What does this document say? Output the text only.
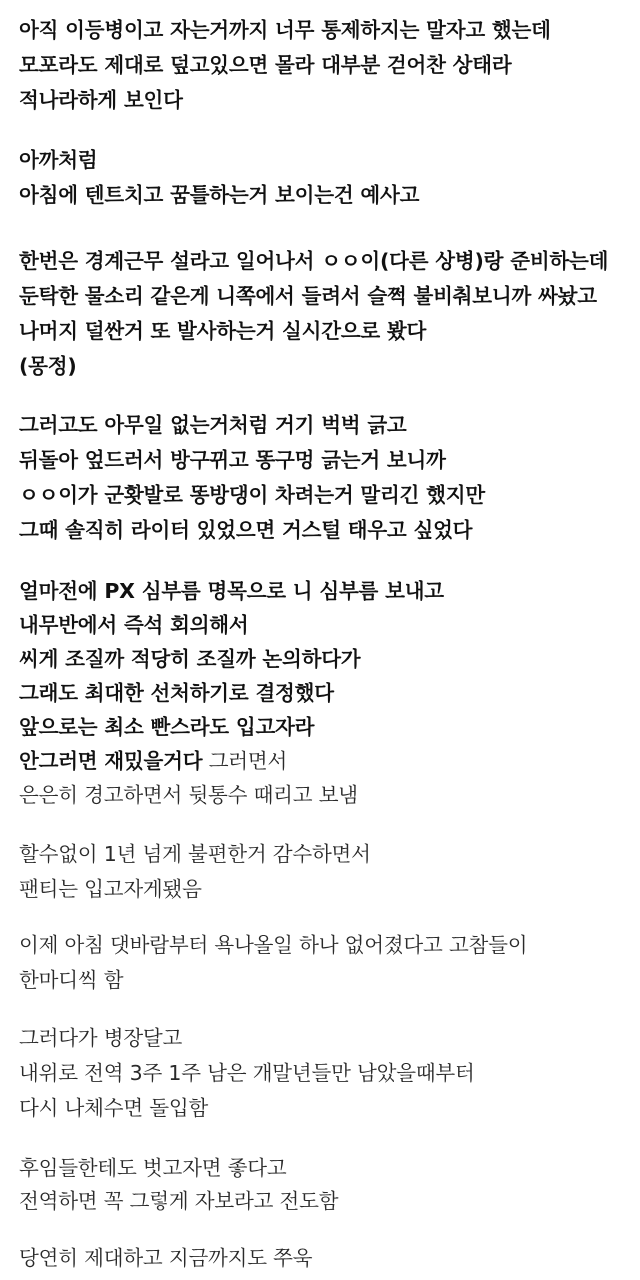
아직 이등병이고 자는거까지 너무 통제하지는 말자고 했는데
모포라도 제대로 덮고있으면 몰라 대부분 걷어찬 상태라
적나라하게 보인다
아까처럼
아침에 텐트치고 꿈틀하는거 보이는건 예사고
한번은 경계근무 설라고 일어나서 ㅇㅇ이(다른 상병)랑 준비하는데
둔탁한 물소리 같은게 니쪽에서 들려서 슬쩍 불비춰보니까 싸놨고
나머지 덜싼거 또 발사하는거 실시간으로 봤다
(몽정)
그러고도 아무일 없는거처럼 거기 벅벅 긁고
뒤돌아 엎드러서 방구뀌고 똥구멍 긁는거 보니까
ㅇㅇ이가 군홧발로 똥방댕이 차려는거 말리긴 했지만
그때 솔직히 라이터 있었으면 거스털 태우고 싶었다
얼마전에 PX 심부름 명목으로 니 심부름 보내고
내무반에서 즉석 회의해서
씨게 조질까 적당히 조질까 논의하다가
그래도 최대한 선처하기로 결정했다
앞으로는 최소 빤스라도 입고자라
안그러면 재밌을거다 그러면서
은은히 경고하면서 뒷통수 때리고 보냄
할수없이 1년 넘게 불편한거 감수하면서
팬티는 입고자게됐음
이제 아침 댓바람부터 욕나올일 하나 없어졌다고 고참들이
한마디씩 함
그러다가 병장달고
내위로 전역 3주 1주 남은 개말년들만 남았을때부터
다시 나체수면 돌입함
후임들한테도 벗고자면 좋다고
전역하면 꼭 그렇게 자보라고 전도함
당연히 제대하고 지금까지도 쭈욱
